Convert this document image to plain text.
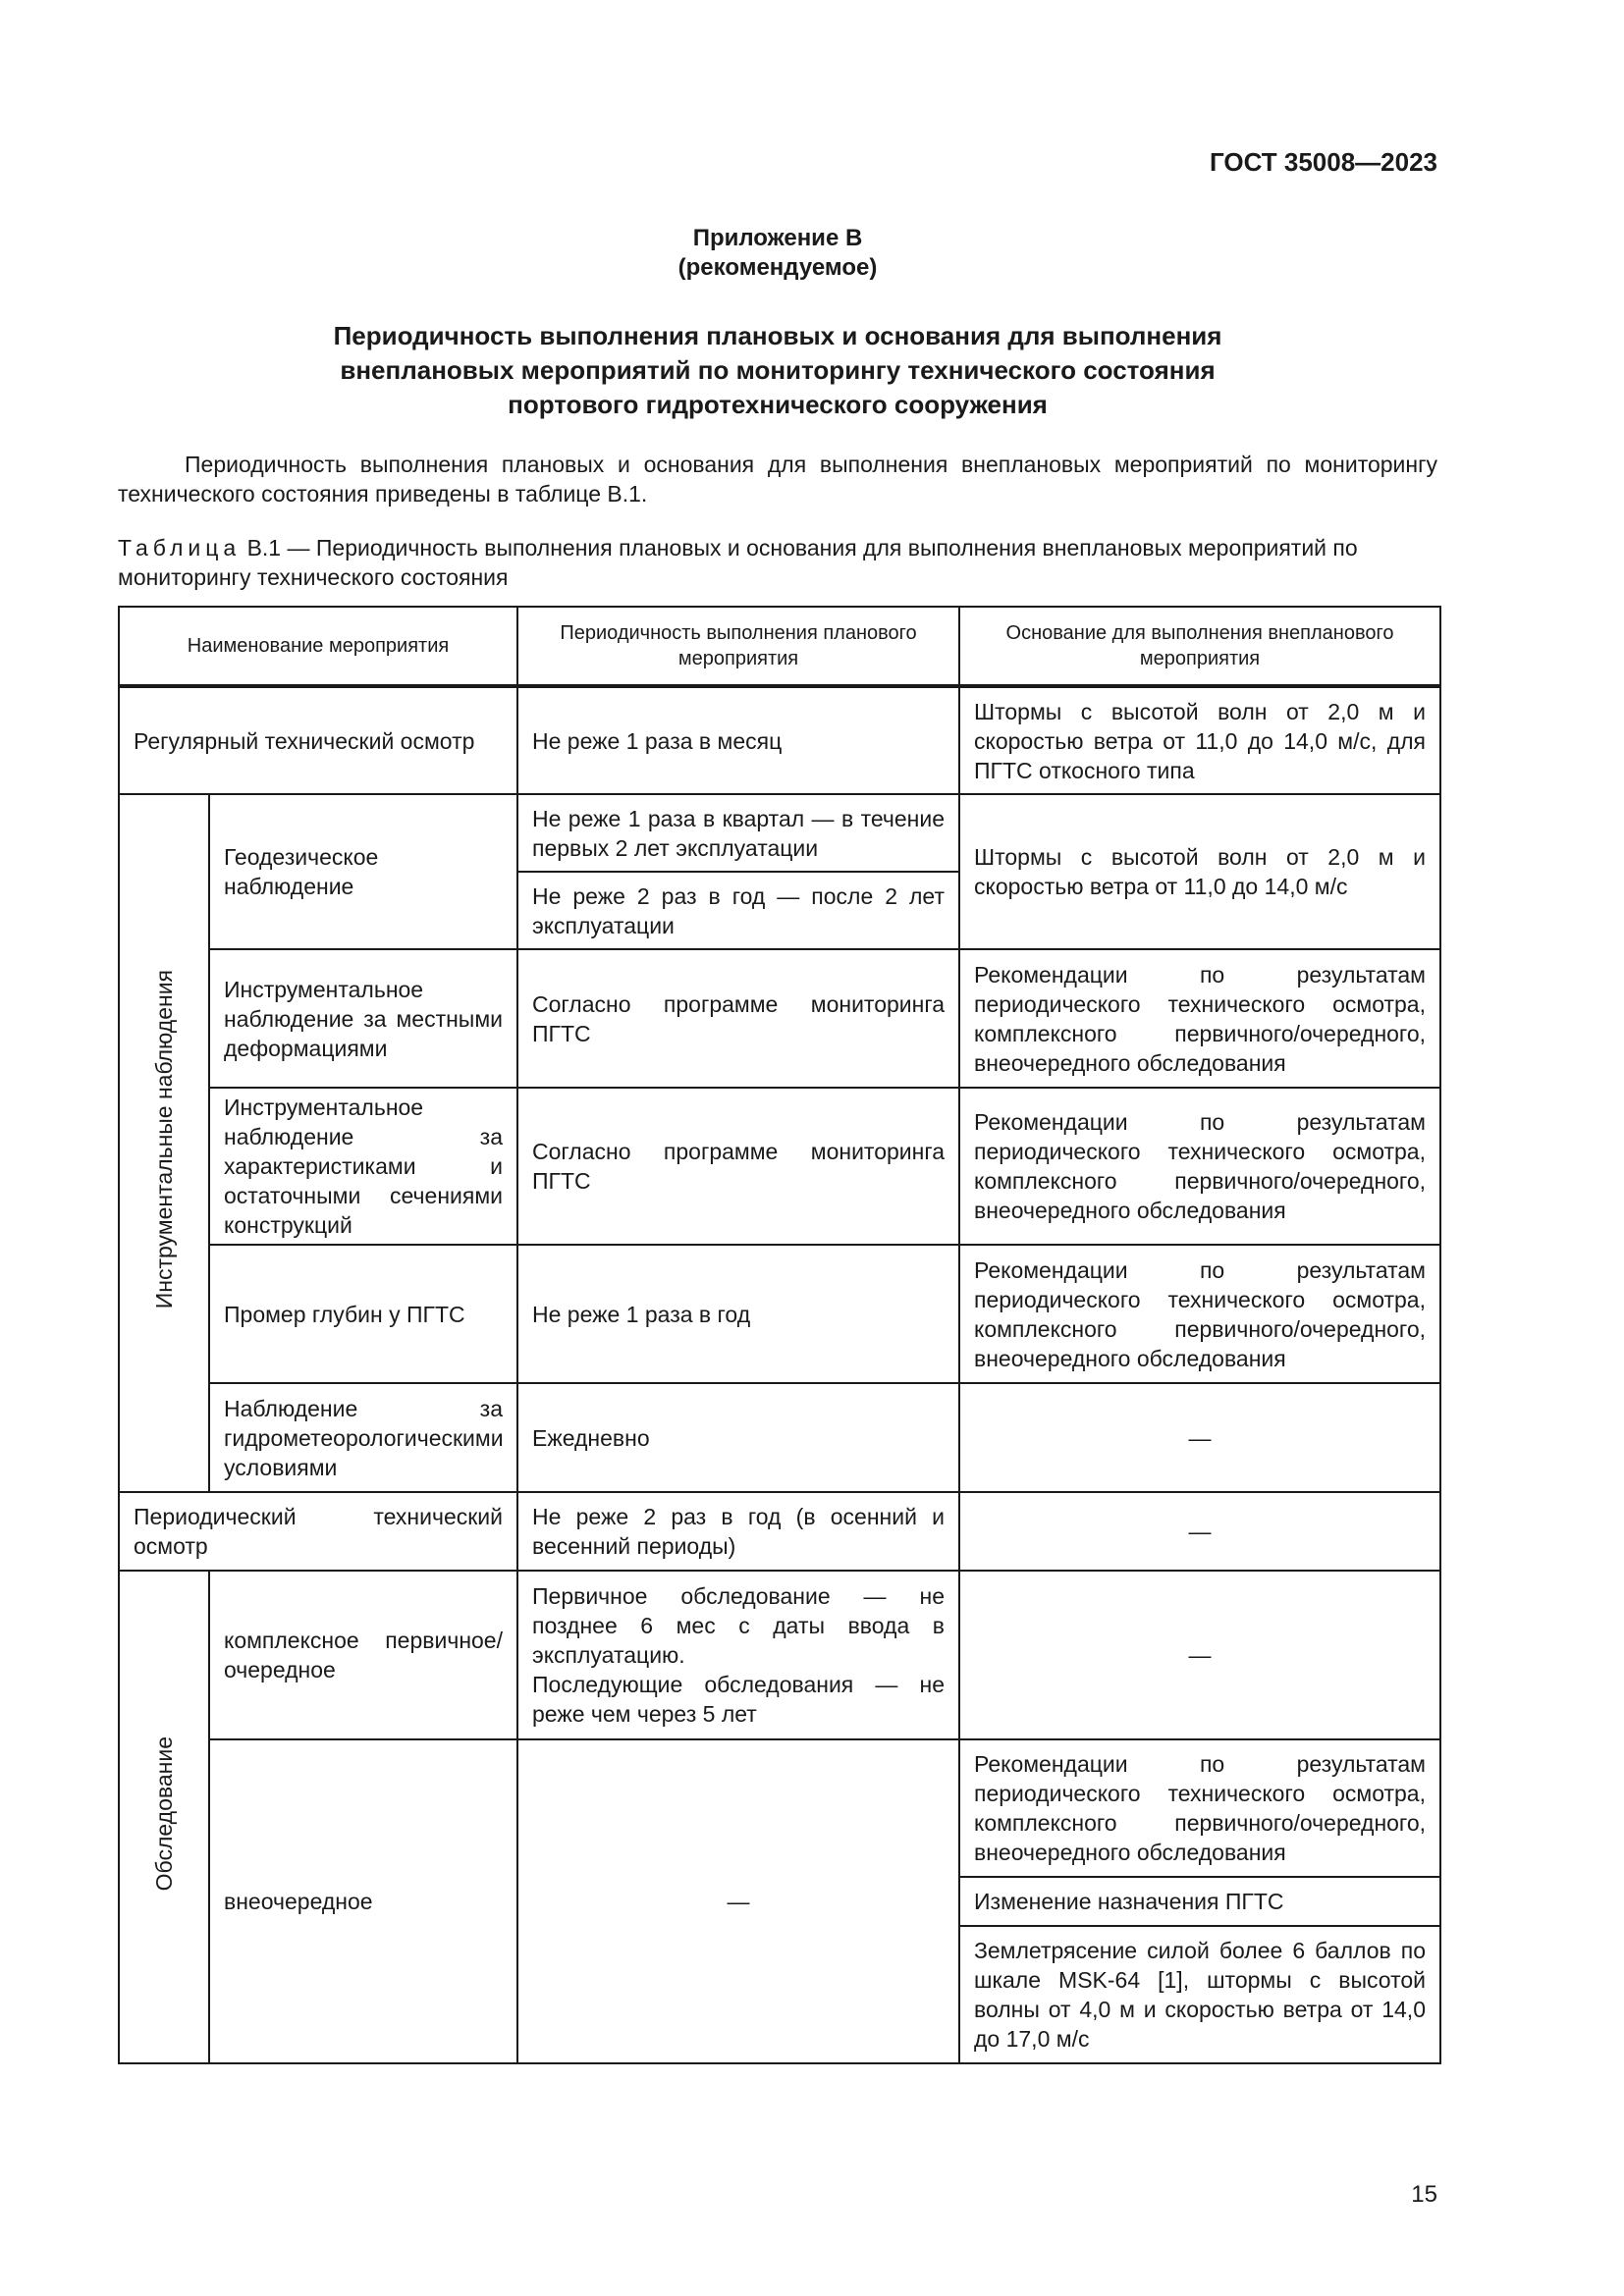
ГОСТ 35008—2023
Приложение В
(рекомендуемое)
Периодичность выполнения плановых и основания для выполнения
внеплановых мероприятий по мониторингу технического состояния
портового гидротехнического сооружения

Периодичность выполнения плановых и основания для выполнения внеплановых мероприятий по мониторингу технического состояния приведены в таблице В.1.

Таблица В.1 — Периодичность выполнения плановых и основания для выполнения внеплановых мероприятий по мониторингу технического состояния
Наименование мероприятия		Периодичность выполнения планового мероприятия	Основание для выполнения внепланового мероприятия
Регулярный технический осмотр		Не реже 1 раза в месяц	Штормы с высотой волн от 2,0 м и скоростью ветра от 11,0 до 14,0 м/с, для ПГТС откосного типа
Инструментальные наблюдения	Геодезическое наблюдение	Не реже 1 раза в квартал — в течение первых 2 лет эксплуатации	Штормы с высотой волн от 2,0 м и скоростью ветра от 11,0 до 14,0 м/с
		Не реже 2 раз в год — после 2 лет эксплуатации	
	Инструментальное наблюдение за местными деформациями	Согласно программе мониторинга ПГТС	Рекомендации по результатам периодического технического осмотра, комплексного первичного/очередного, внеочередного обследования
	Инструментальное наблюдение за характеристиками и остаточными сечениями конструкций	Согласно программе мониторинга ПГТС	Рекомендации по результатам периодического технического осмотра, комплексного первичного/очередного, внеочередного обследования
	Промер глубин у ПГТС	Не реже 1 раза в год	Рекомендации по результатам периодического технического осмотра, комплексного первичного/очередного, внеочередного обследования
	Наблюдение за гидрометеорологическими условиями	Ежедневно	—
Периодический технический осмотр		Не реже 2 раз в год (в осенний и весенний периоды)	—
Обследование	комплексное первичное/очередное	Первичное обследование — не позднее 6 мес с даты ввода в эксплуатацию.
Последующие обследования — не реже чем через 5 лет	—
	внеочередное	—	Рекомендации по результатам периодического технического осмотра, комплексного первичного/очередного, внеочередного обследования
			Изменение назначения ПГТС
			Землетрясение силой более 6 баллов по шкале MSK-64 [1], штормы с высотой волны от 4,0 м и скоростью ветра от 14,0 до 17,0 м/с
15
